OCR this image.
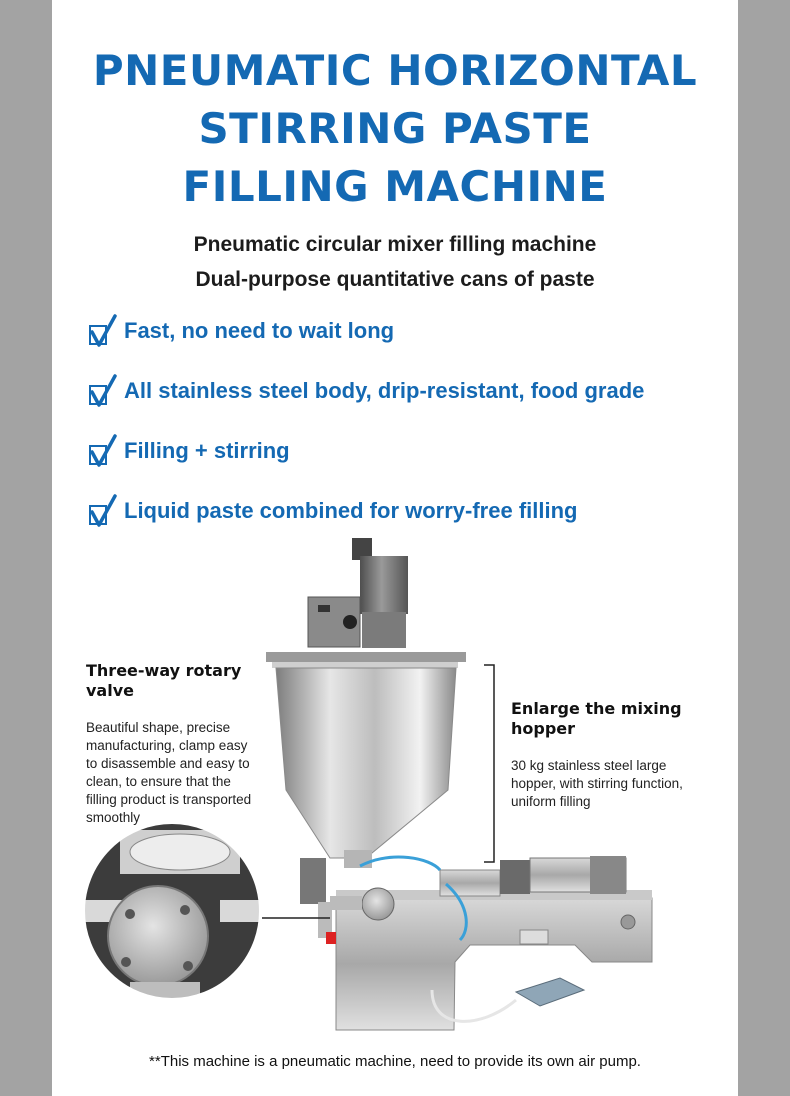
PNEUMATIC HORIZONTAL
STIRRING PASTE
FILLING MACHINE
Pneumatic circular mixer filling machine
Dual-purpose quantitative cans of paste
Fast, no need to wait long
All stainless steel body, drip-resistant, food grade
Filling + stirring
Liquid paste combined for worry-free filling
Three-way rotary
valve
Beautiful shape, precise
manufacturing, clamp easy
to disassemble and easy to
clean, to ensure that the
filling product is transported
smoothly
Enlarge the mixing
hopper
30 kg stainless steel large
hopper, with stirring function,
uniform filling
**This machine is a pneumatic machine, need to provide its own air pump.
